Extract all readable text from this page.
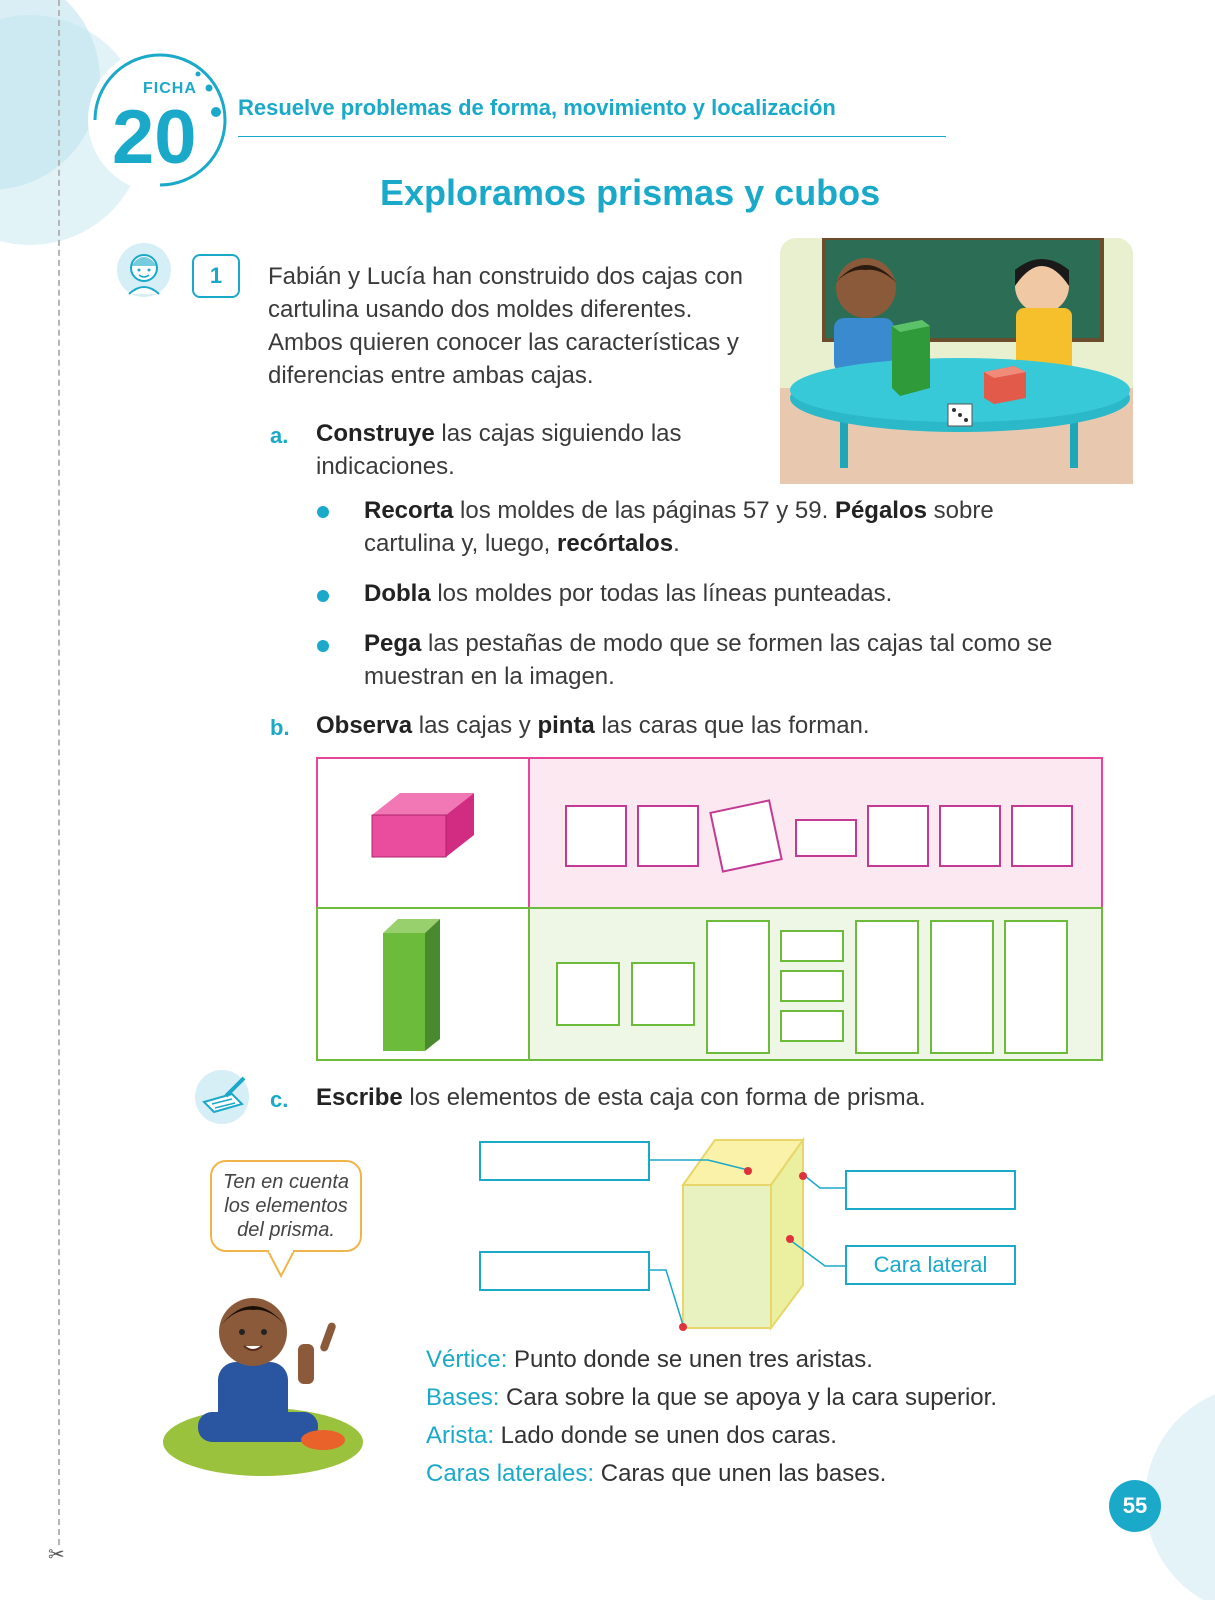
FICHA
20 Resuelve problemas de forma, movimiento y localización
Exploramos prismas y cubos
1	Fabián y Lucía han construido dos cajas con cartulina usando dos moldes diferentes. Ambos quieren conocer las características y diferencias entre ambas cajas.
a. Construye las cajas siguiendo las indicaciones.
Recorta los moldes de las páginas 57 y 59. Pégalos sobre cartulina y, luego, recórtalos.
Dobla los moldes por todas las líneas punteadas.
Pega las pestañas de modo que se formen las cajas tal como se muestran en la imagen.
b. Observa las cajas y pinta las caras que las forman.
c. Escribe los elementos de esta caja con forma de prisma.
Ten en cuenta los elementos del prisma.
Cara lateral
Vértice: Punto donde se unen tres aristas.
Bases: Cara sobre la que se apoya y la cara superior.
Arista: Lado donde se unen dos caras.
Caras laterales: Caras que unen las bases.
55
✂
